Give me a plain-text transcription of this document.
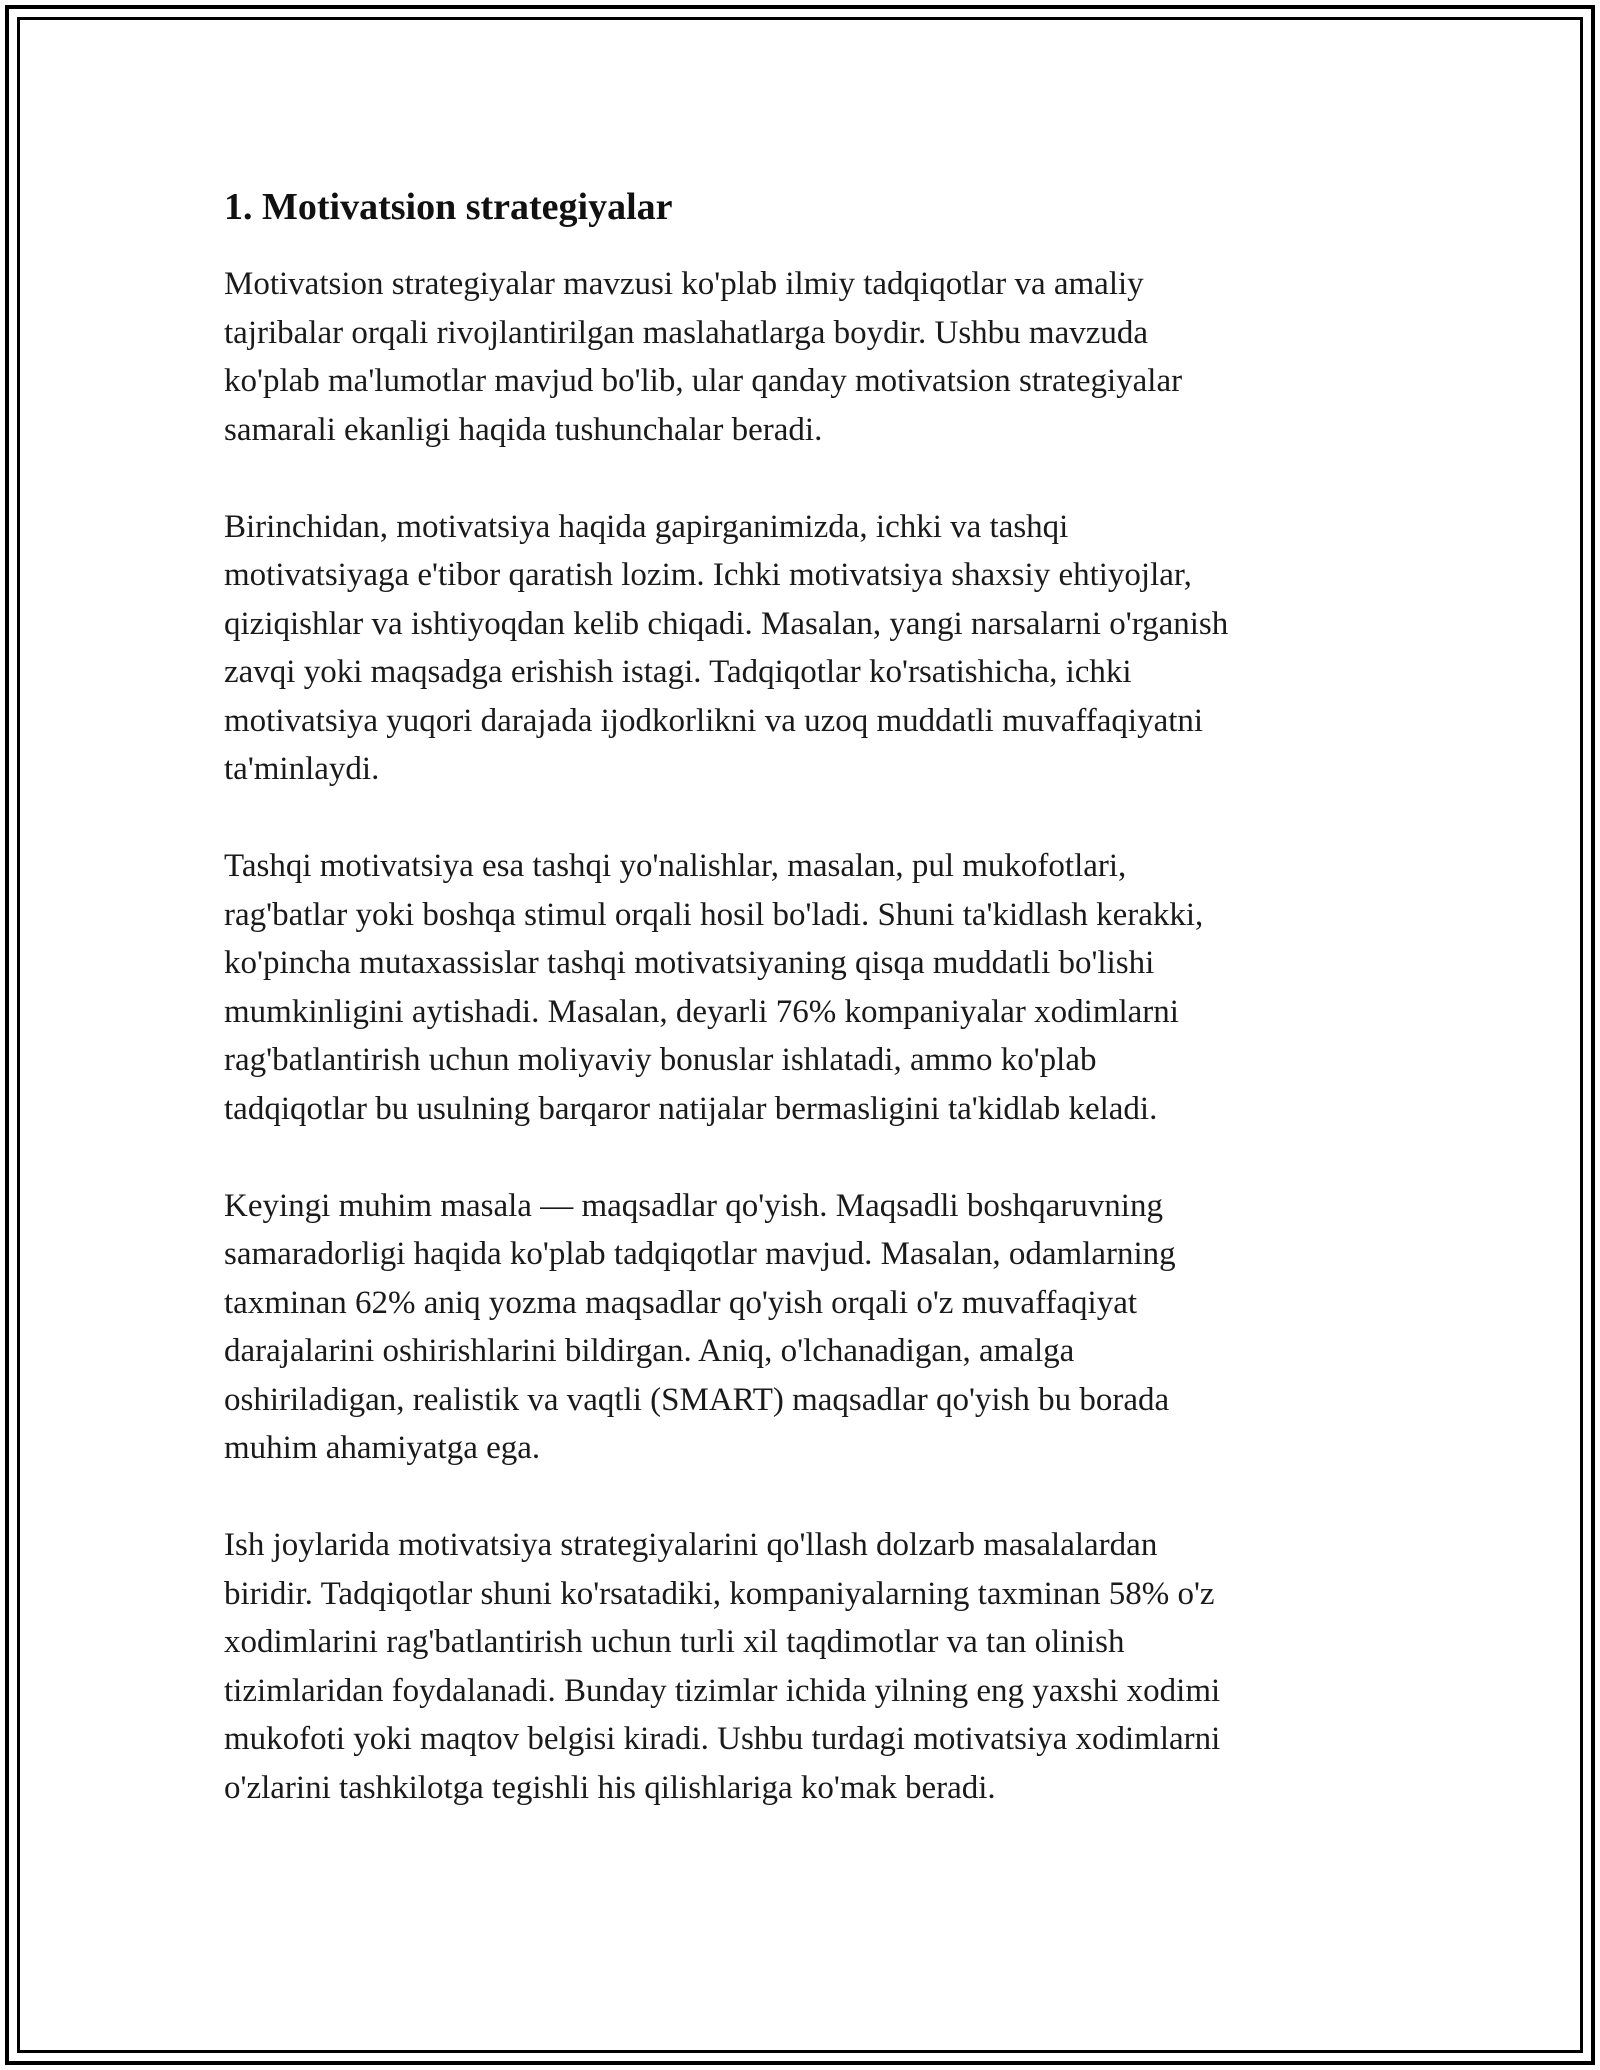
1. Motivatsion strategiyalar

Motivatsion strategiyalar mavzusi ko'plab ilmiy tadqiqotlar va amaliy
tajribalar orqali rivojlantirilgan maslahatlarga boydir. Ushbu mavzuda
ko'plab ma'lumotlar mavjud bo'lib, ular qanday motivatsion strategiyalar
samarali ekanligi haqida tushunchalar beradi.

Birinchidan, motivatsiya haqida gapirganimizda, ichki va tashqi
motivatsiyaga e'tibor qaratish lozim. Ichki motivatsiya shaxsiy ehtiyojlar,
qiziqishlar va ishtiyoqdan kelib chiqadi. Masalan, yangi narsalarni o'rganish
zavqi yoki maqsadga erishish istagi. Tadqiqotlar ko'rsatishicha, ichki
motivatsiya yuqori darajada ijodkorlikni va uzoq muddatli muvaffaqiyatni
ta'minlaydi.

Tashqi motivatsiya esa tashqi yo'nalishlar, masalan, pul mukofotlari,
rag'batlar yoki boshqa stimul orqali hosil bo'ladi. Shuni ta'kidlash kerakki,
ko'pincha mutaxassislar tashqi motivatsiyaning qisqa muddatli bo'lishi
mumkinligini aytishadi. Masalan, deyarli 76% kompaniyalar xodimlarni
rag'batlantirish uchun moliyaviy bonuslar ishlatadi, ammo ko'plab
tadqiqotlar bu usulning barqaror natijalar bermasligini ta'kidlab keladi.

Keyingi muhim masala — maqsadlar qo'yish. Maqsadli boshqaruvning
samaradorligi haqida ko'plab tadqiqotlar mavjud. Masalan, odamlarning
taxminan 62% aniq yozma maqsadlar qo'yish orqali o'z muvaffaqiyat
darajalarini oshirishlarini bildirgan. Aniq, o'lchanadigan, amalga
oshiriladigan, realistik va vaqtli (SMART) maqsadlar qo'yish bu borada
muhim ahamiyatga ega.

Ish joylarida motivatsiya strategiyalarini qo'llash dolzarb masalalardan
biridir. Tadqiqotlar shuni ko'rsatadiki, kompaniyalarning taxminan 58% o'z
xodimlarini rag'batlantirish uchun turli xil taqdimotlar va tan olinish
tizimlaridan foydalanadi. Bunday tizimlar ichida yilning eng yaxshi xodimi
mukofoti yoki maqtov belgisi kiradi. Ushbu turdagi motivatsiya xodimlarni
o'zlarini tashkilotga tegishli his qilishlariga ko'mak beradi.
